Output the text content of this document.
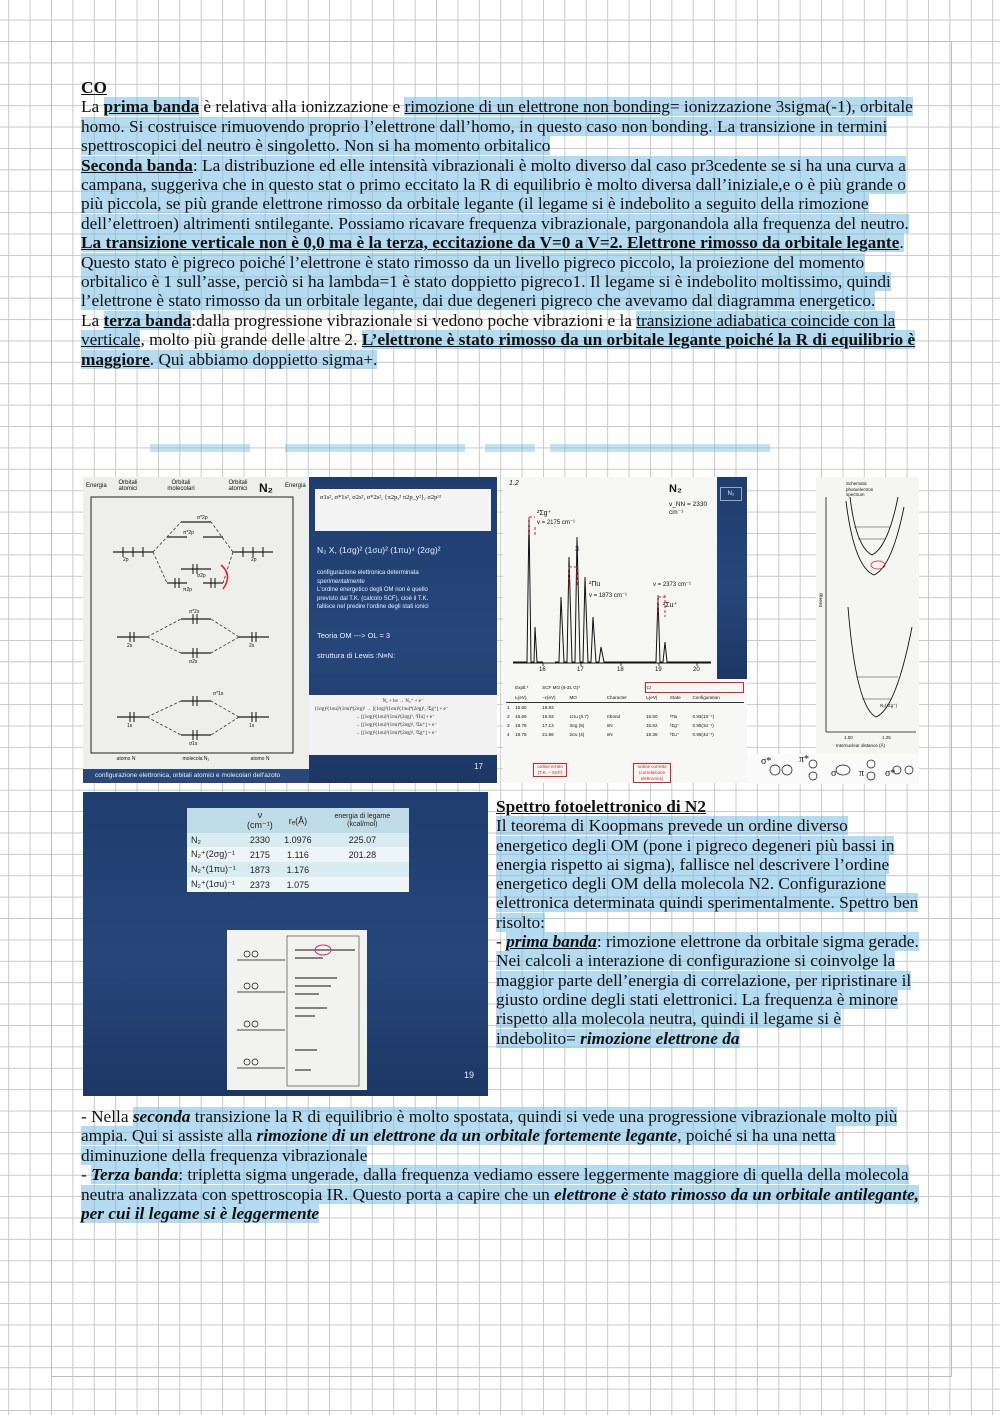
CO

La prima banda è relativa alla ionizzazione e rimozione di un elettrone non bonding= ionizzazione 3sigma(-1), orbitale homo. Si costruisce rimuovendo proprio l’elettrone dall’homo, in questo caso non bonding. La transizione in termini spettroscopici del neutro è singoletto. Non si ha momento orbitalico

Seconda banda: La distribuzione ed elle intensità vibrazionali è molto diverso dal caso pr3cedente se si ha una curva a campana, suggeriva che in questo stat o primo eccitato la R di equilibrio è molto diversa dall’iniziale,e o è più grande o più piccola, se più grande elettrone rimosso da orbitale legante (il legame si è indebolito a seguito della rimozione dell’elettroen) altrimenti sntilegante. Possiamo ricavare frequenza vibrazionale, pargonandola alla frequenza del neutro. La transizione verticale non è 0,0 ma è la terza, eccitazione da V=0 a V=2. Elettrone rimosso da orbitale legante. Questo stato è pigreco poiché l’elettrone è stato rimosso da un livello pigreco piccolo, la proiezione del momento orbitalico è 1 sull’asse, perciò si ha lambda=1 è stato doppietto pigreco1. Il legame si è indebolito moltissimo, quindi l’elettrone è stato rimosso da un orbitale legante, dai due degeneri pigreco che avevamo dal diagramma energetico.

La terza banda:dalla progressione vibrazionale si vedono poche vibrazioni e la transizione adiabatica coincide con la verticale, molto più grande delle altre 2. L’elettrone è stato rimosso da un orbitale legante poiché la R di equilibrio è maggiore. Qui abbiamo doppietto sigma+.

Energia	Orbitali atomici
Orbitali molecolari
Orbitali atomici N₂ Energia
σ*2p
π*2p
σ2p
π2p
2p	2p
σ*2s
σ2s
2s	2s
σ*1s
σ1s
1s	1s
atomo N	molecola N₂	atomo N
configurazione elettronica, orbitali atomici e molecolari dell'azoto
σ1s², σ*1s², σ2s², σ*2s², {π2pₓ² π2p_y²}, σ2pᶻ²
N₂ X, (1σg)² (1σu)² (1πu)⁴ (2σg)²
configurazione elettronica determinata
sperimentalmente
L'ordine energetico degli OM non è quello
previsto dal T.K. (calcolo SCF), cioè il T.K.
fallisce nel predire l'ordine degli stati ionici
Teoria OM ---> OL = 3
struttura di Lewis :N≡N:
N₂ + hν → N₂⁺ + e⁻
(1σg)²(1σu)²(1πu)⁴(2σg)² → [(1σg)²(1σu)²(1πu)⁴(2σg)¹, ²Σg⁺] + e⁻
→ [(1σg)²(1σu)²(1πu)³(2σg)², ²Πu] + e⁻
→ [(1σg)²(1σu)¹(1πu)⁴(2σg)², ²Σu⁺] + e⁻
→ [(1σg)¹(1σu)²(1πu)⁴(2σg)², ²Σg⁺] + e⁻
17
1.2	N₂
v_NN = 2330 cm⁻¹
²Σg⁺
v = 2175 cm⁻¹
3
²Πu
v = 1873 cm⁻¹
v = 2373 cm⁻¹
²Σu⁺
16	17	18	19	20
N₂
	Exptl.*	SCF MO (6-31 G)*			CI		
	Iᵥ(eV)	−ε(eV)	MO	Character	Iᵥ(eV)	State	Configuration
1	15.60	16.93					
2	16.69	16.93	1πu (0.7)	πbond	16.50	²Πu	0.93(1π⁻¹)
3	18.78	17.13	3σg (5)	nN	16.62	²Σg⁺	0.95(3σ⁻¹)
4	18.78	21.86	2σu (4)	nN	18.36	²Σu⁺	0.95(4σ⁻¹)
ordine errato (T.K. – SCF)
ordine corretto (correlazione elettronica)
Schematic photoelectron spectrum
Energy
N₂(¹Σg⁺)
1.00	1.25
Internuclear distance (Å)
σ*	π*
σ π σ*
	ν (cm⁻¹)	rₑ(Å)	energia di legame (kcal/mol)
N₂	2330	1.0976	225.07
N₂⁺(2σg)⁻¹	2175	1.116	201.28
N₂⁺(1πu)⁻¹	1873	1.176	
N₂⁺(1σu)⁻¹	2373	1.075	
19

Spettro fotoelettronico di N2

Il teorema di Koopmans prevede un ordine diverso energetico degli OM (pone i pigreco degeneri più bassi in energia rispetto ai sigma), fallisce nel descrivere l’ordine energetico degli OM della molecola N2. Configurazione elettronica determinata quindi sperimentalmente. Spettro ben risolto:

- prima banda: rimozione elettrone da orbitale sigma gerade. Nei calcoli a interazione di configurazione si coinvolge la maggior parte dell’energia di correlazione, per ripristinare il giusto ordine degli stati elettronici. La frequenza è minore rispetto alla molecola neutra, quindi il legame si è indebolito= rimozione elettrone da

- Nella seconda transizione la R di equilibrio è molto spostata, quindi si vede una progressione vibrazionale molto più ampia. Qui si assiste alla rimozione di un elettrone da un orbitale fortemente legante, poiché si ha una netta diminuzione della frequenza vibrazionale

- Terza banda: tripletta sigma ungerade, dalla frequenza vediamo essere leggermente maggiore di quella della molecola neutra analizzata con spettroscopia IR. Questo porta a capire che un elettrone è stato rimosso da un orbitale antilegante, per cui il legame si è leggermente
